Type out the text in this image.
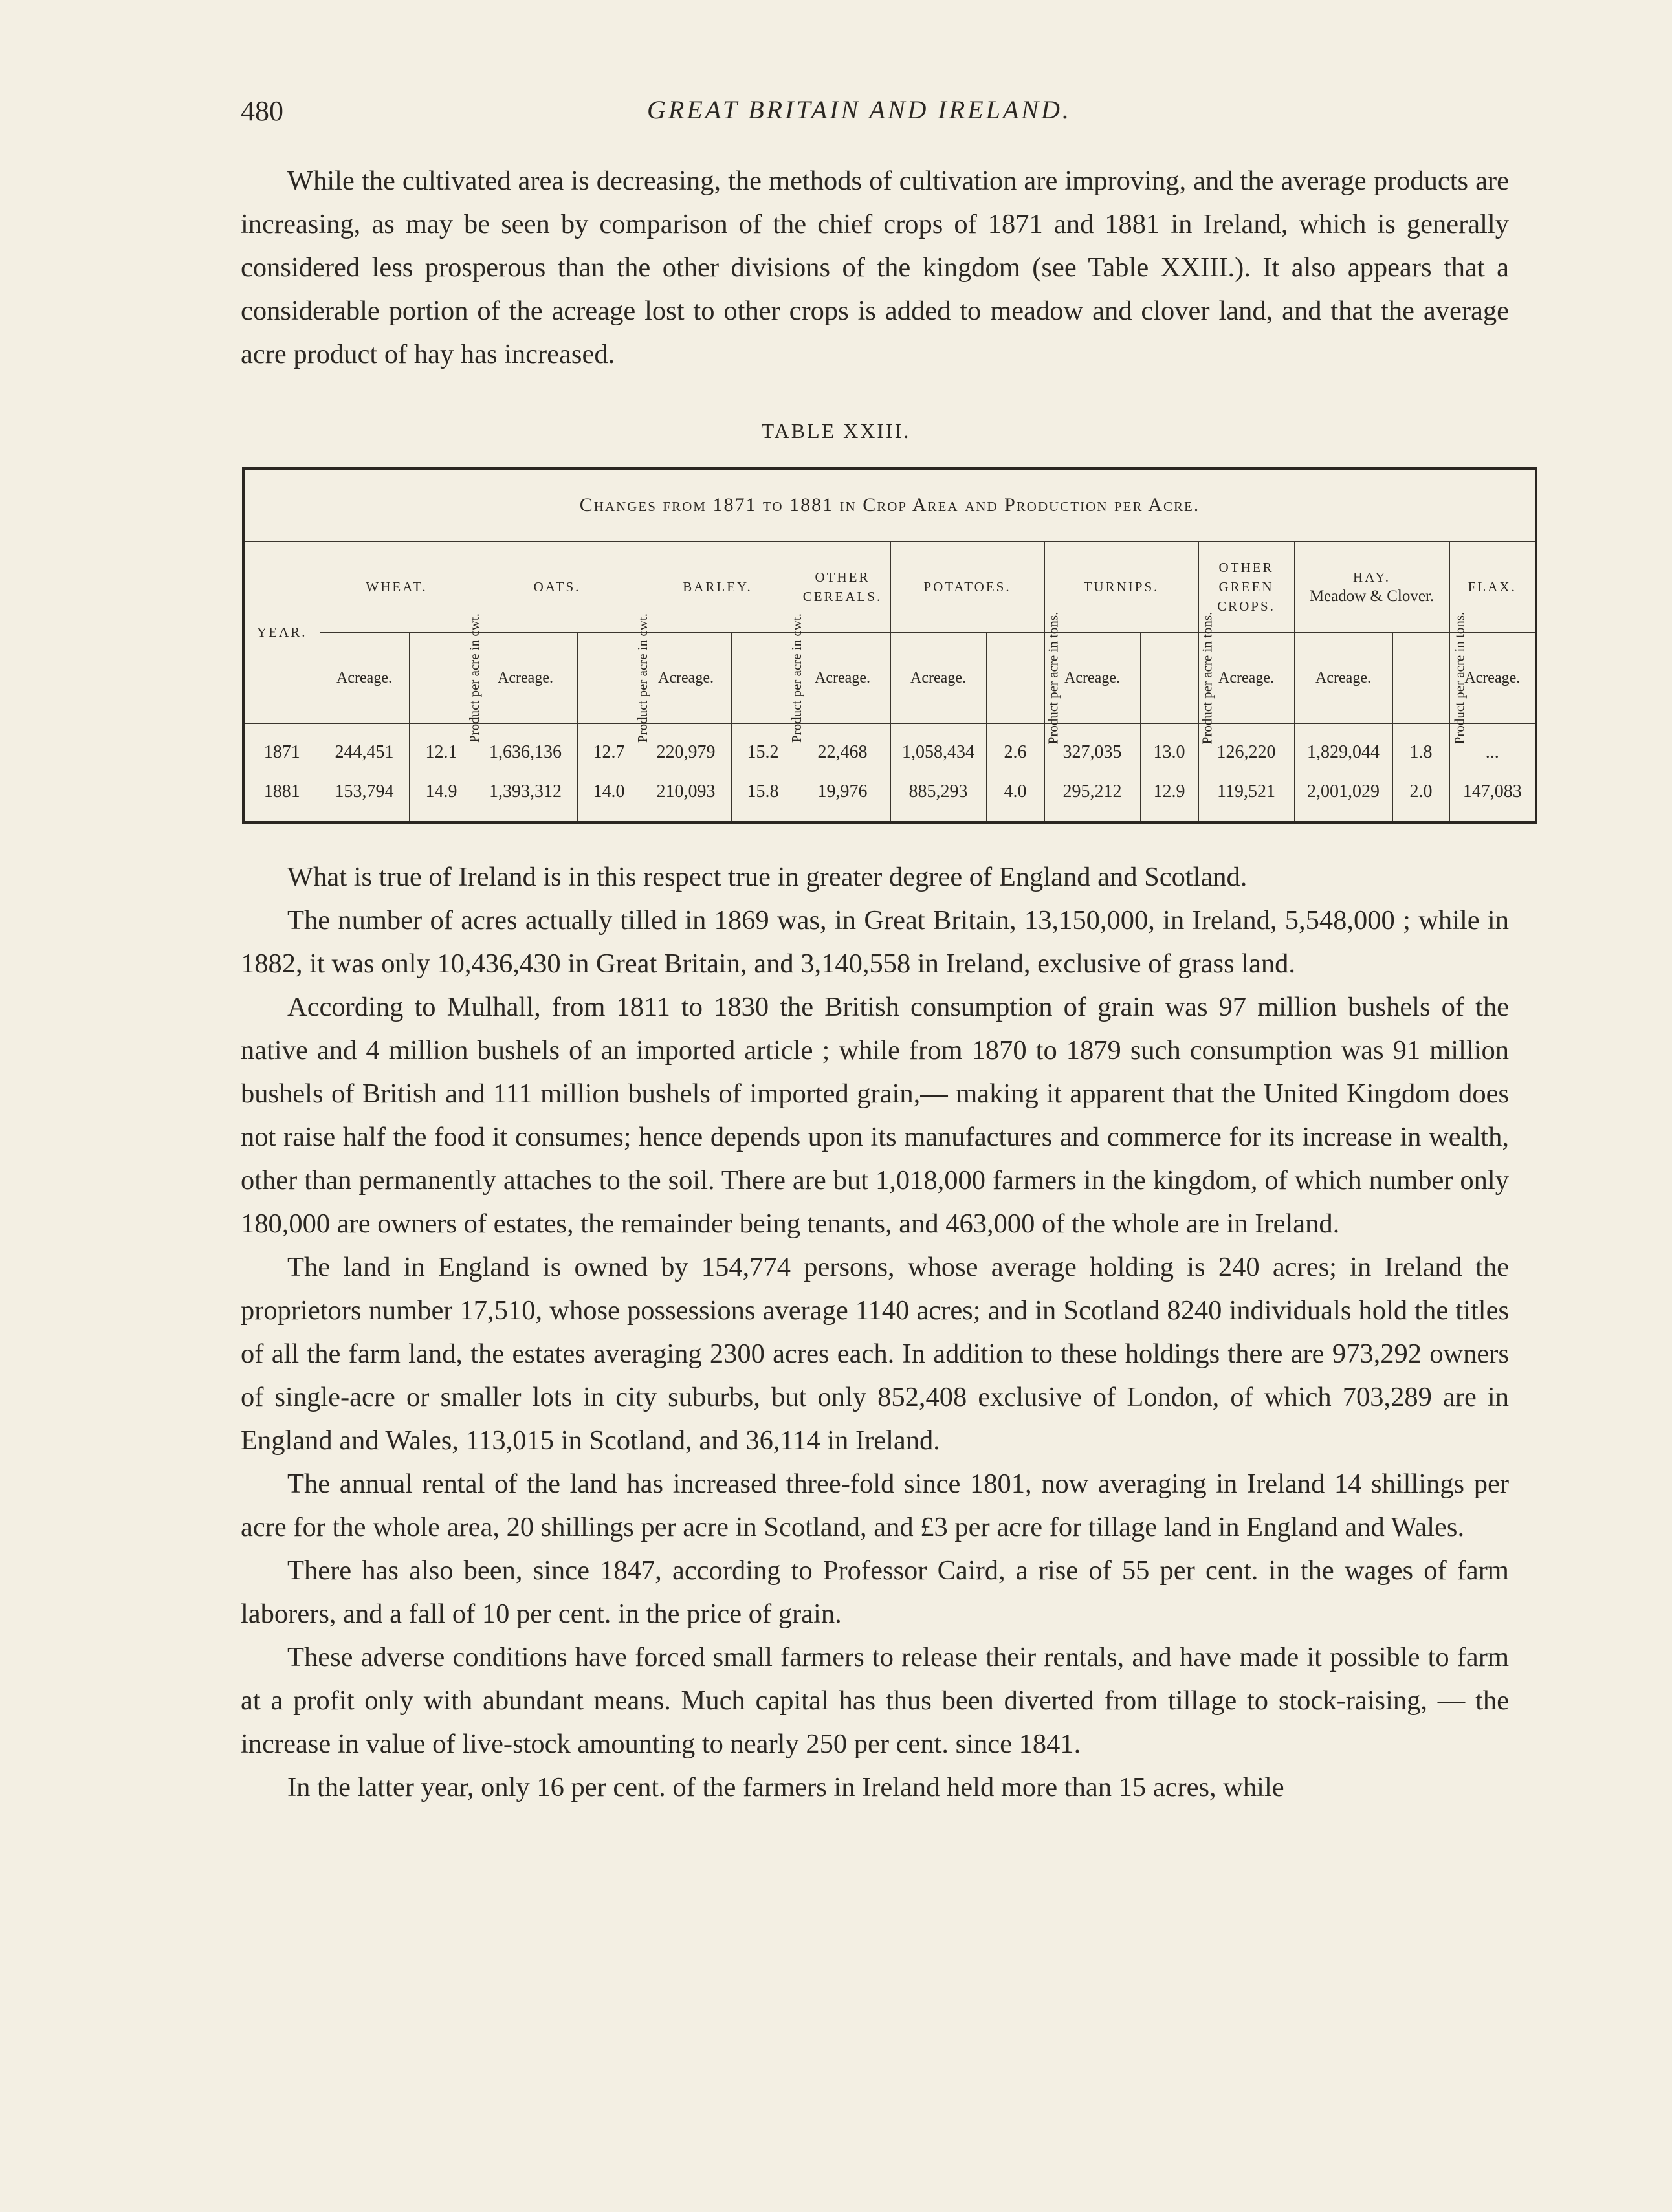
480	GREAT BRITAIN AND IRELAND.

While the cultivated area is decreasing, the methods of cultivation are improving, and the average products are increasing, as may be seen by comparison of the chief crops of 1871 and 1881 in Ireland, which is generally considered less prosperous than the other divisions of the kingdom (see Table XXIII.). It also appears that a considerable portion of the acreage lost to other crops is added to meadow and clover land, and that the average acre product of hay has increased.

TABLE XXIII.
Changes from 1871 to 1881 in Crop Area and Production per Acre.															
YEAR.	WHEAT.		OATS.		BARLEY.		OTHER CEREALS.	POTATOES.		TURNIPS.		OTHER GREEN CROPS.	HAY.
Meadow & Clover.		FLAX.
	Acreage.	Product per acre in cwt.	Acreage.	Product per acre in cwt.	Acreage.	Product per acre in cwt.	Acreage.	Acreage.	Product per acre in tons.	Acreage.	Product per acre in tons.	Acreage.	Acreage.	Product per acre in tons.	Acreage.
1871	244,451	12.1	1,636,136	12.7	220,979	15.2	22,468	1,058,434	2.6	327,035	13.0	126,220	1,829,044	1.8	...
1881	153,794	14.9	1,393,312	14.0	210,093	15.8	19,976	885,293	4.0	295,212	12.9	119,521	2,001,029	2.0	147,083

What is true of Ireland is in this respect true in greater degree of England and Scotland.

The number of acres actually tilled in 1869 was, in Great Britain, 13,150,000, in Ireland, 5,548,000 ; while in 1882, it was only 10,436,430 in Great Britain, and 3,140,558 in Ireland, exclusive of grass land.

According to Mulhall, from 1811 to 1830 the British consumption of grain was 97 million bushels of the native and 4 million bushels of an imported article ; while from 1870 to 1879 such consumption was 91 million bushels of British and 111 million bushels of imported grain,— making it apparent that the United Kingdom does not raise half the food it consumes; hence depends upon its manufactures and commerce for its increase in wealth, other than permanently attaches to the soil. There are but 1,018,000 farmers in the kingdom, of which number only 180,000 are owners of estates, the remainder being tenants, and 463,000 of the whole are in Ireland.

The land in England is owned by 154,774 persons, whose average holding is 240 acres; in Ireland the proprietors number 17,510, whose possessions average 1140 acres; and in Scotland 8240 individuals hold the titles of all the farm land, the estates averaging 2300 acres each. In addition to these holdings there are 973,292 owners of single-acre or smaller lots in city suburbs, but only 852,408 exclusive of London, of which 703,289 are in England and Wales, 113,015 in Scotland, and 36,114 in Ireland.

The annual rental of the land has increased three-fold since 1801, now averaging in Ireland 14 shillings per acre for the whole area, 20 shillings per acre in Scotland, and £3 per acre for tillage land in England and Wales.

There has also been, since 1847, according to Professor Caird, a rise of 55 per cent. in the wages of farm laborers, and a fall of 10 per cent. in the price of grain.

These adverse conditions have forced small farmers to release their rentals, and have made it possible to farm at a profit only with abundant means. Much capital has thus been diverted from tillage to stock-raising, — the increase in value of live-stock amounting to nearly 250 per cent. since 1841.

In the latter year, only 16 per cent. of the farmers in Ireland held more than 15 acres, while
